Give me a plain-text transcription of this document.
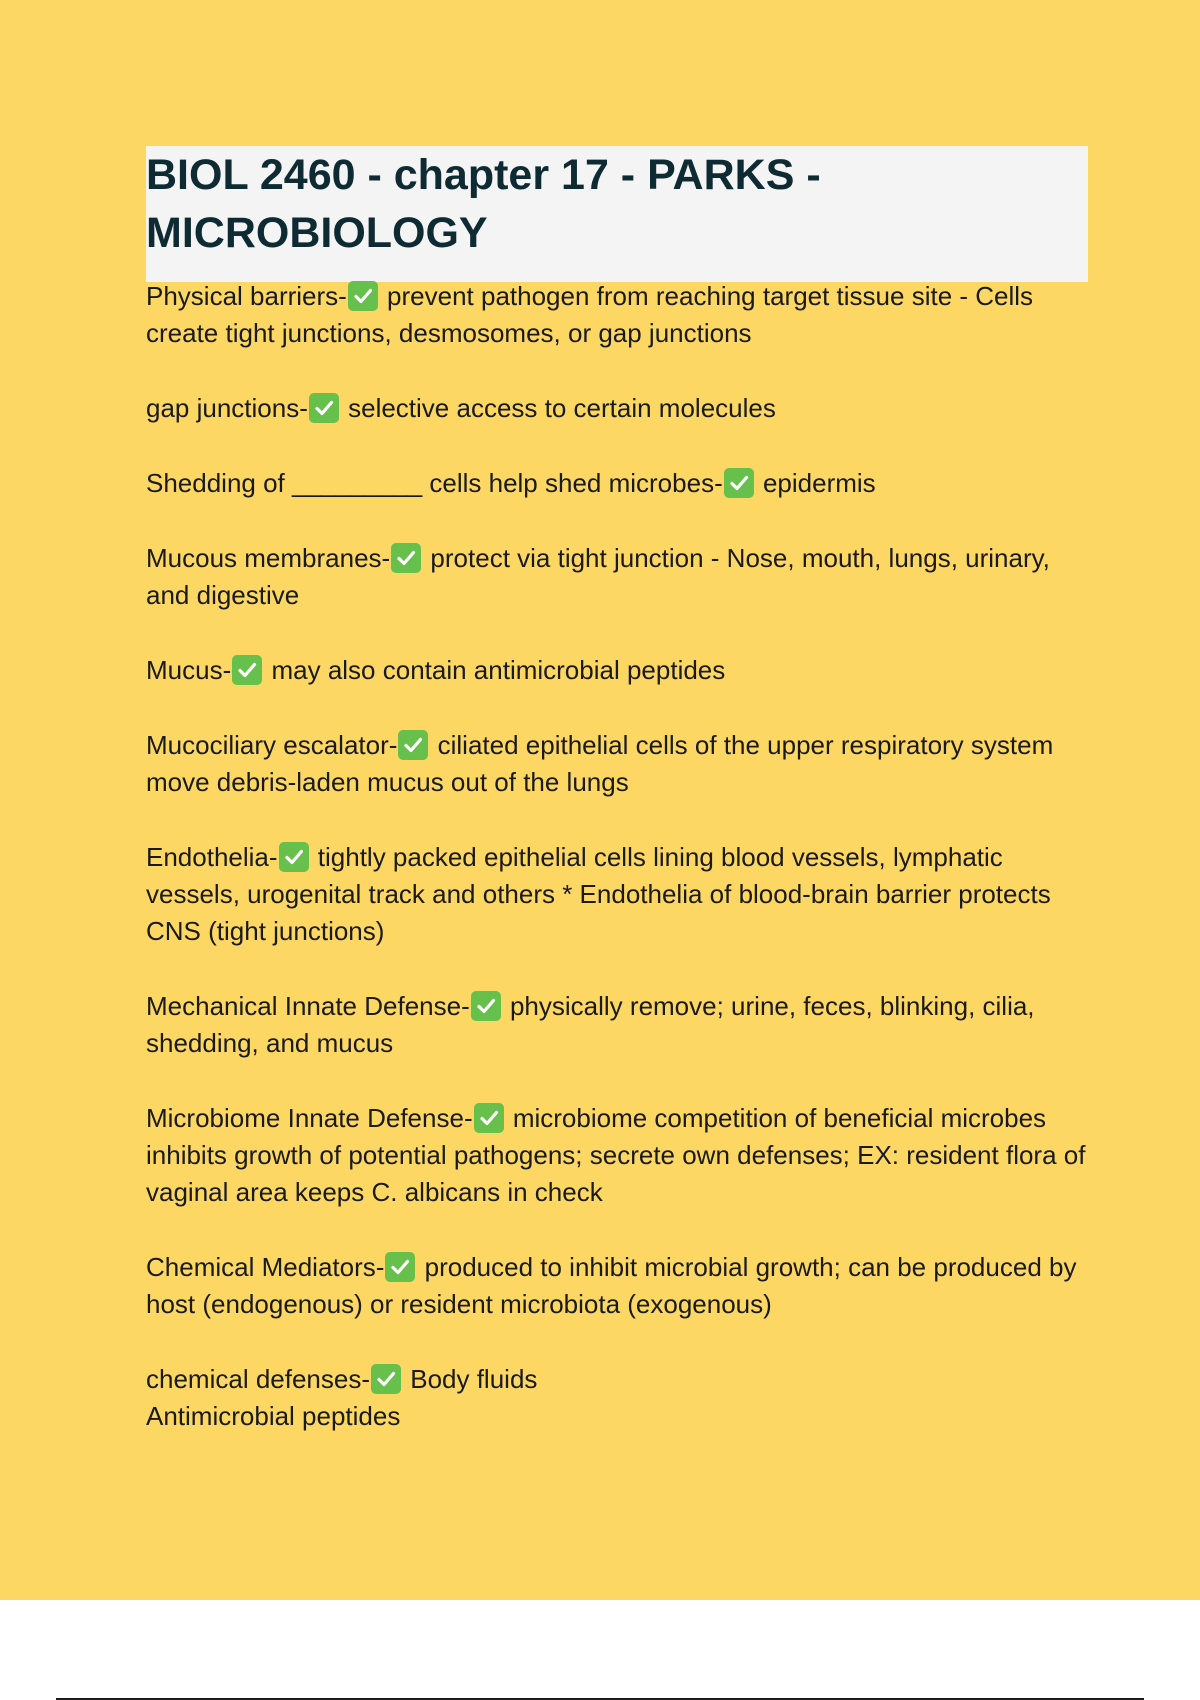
BIOL 2460 - chapter 17 - PARKS - MICROBIOLOGY

Physical barriers-
prevent pathogen from reaching target tissue site - Cells create tight junctions, desmosomes, or gap junctions

gap junctions-
selective access to certain molecules

Shedding of _________ cells help shed microbes-
epidermis

Mucous membranes-
protect via tight junction - Nose, mouth, lungs, urinary, and digestive

Mucus-
may also contain antimicrobial peptides

Mucociliary escalator-
ciliated epithelial cells of the upper respiratory system move debris-laden mucus out of the lungs

Endothelia-
tightly packed epithelial cells lining blood vessels, lymphatic vessels, urogenital track and others * Endothelia of blood-brain barrier protects CNS (tight junctions)

Mechanical Innate Defense-
physically remove; urine, feces, blinking, cilia, shedding, and mucus

Microbiome Innate Defense-
microbiome competition of beneficial microbes inhibits growth of potential pathogens; secrete own defenses; EX: resident flora of vaginal area keeps C. albicans in check

Chemical Mediators-
produced to inhibit microbial growth; can be produced by host (endogenous) or resident microbiota (exogenous)

chemical defenses-
Body fluids
Antimicrobial peptides
